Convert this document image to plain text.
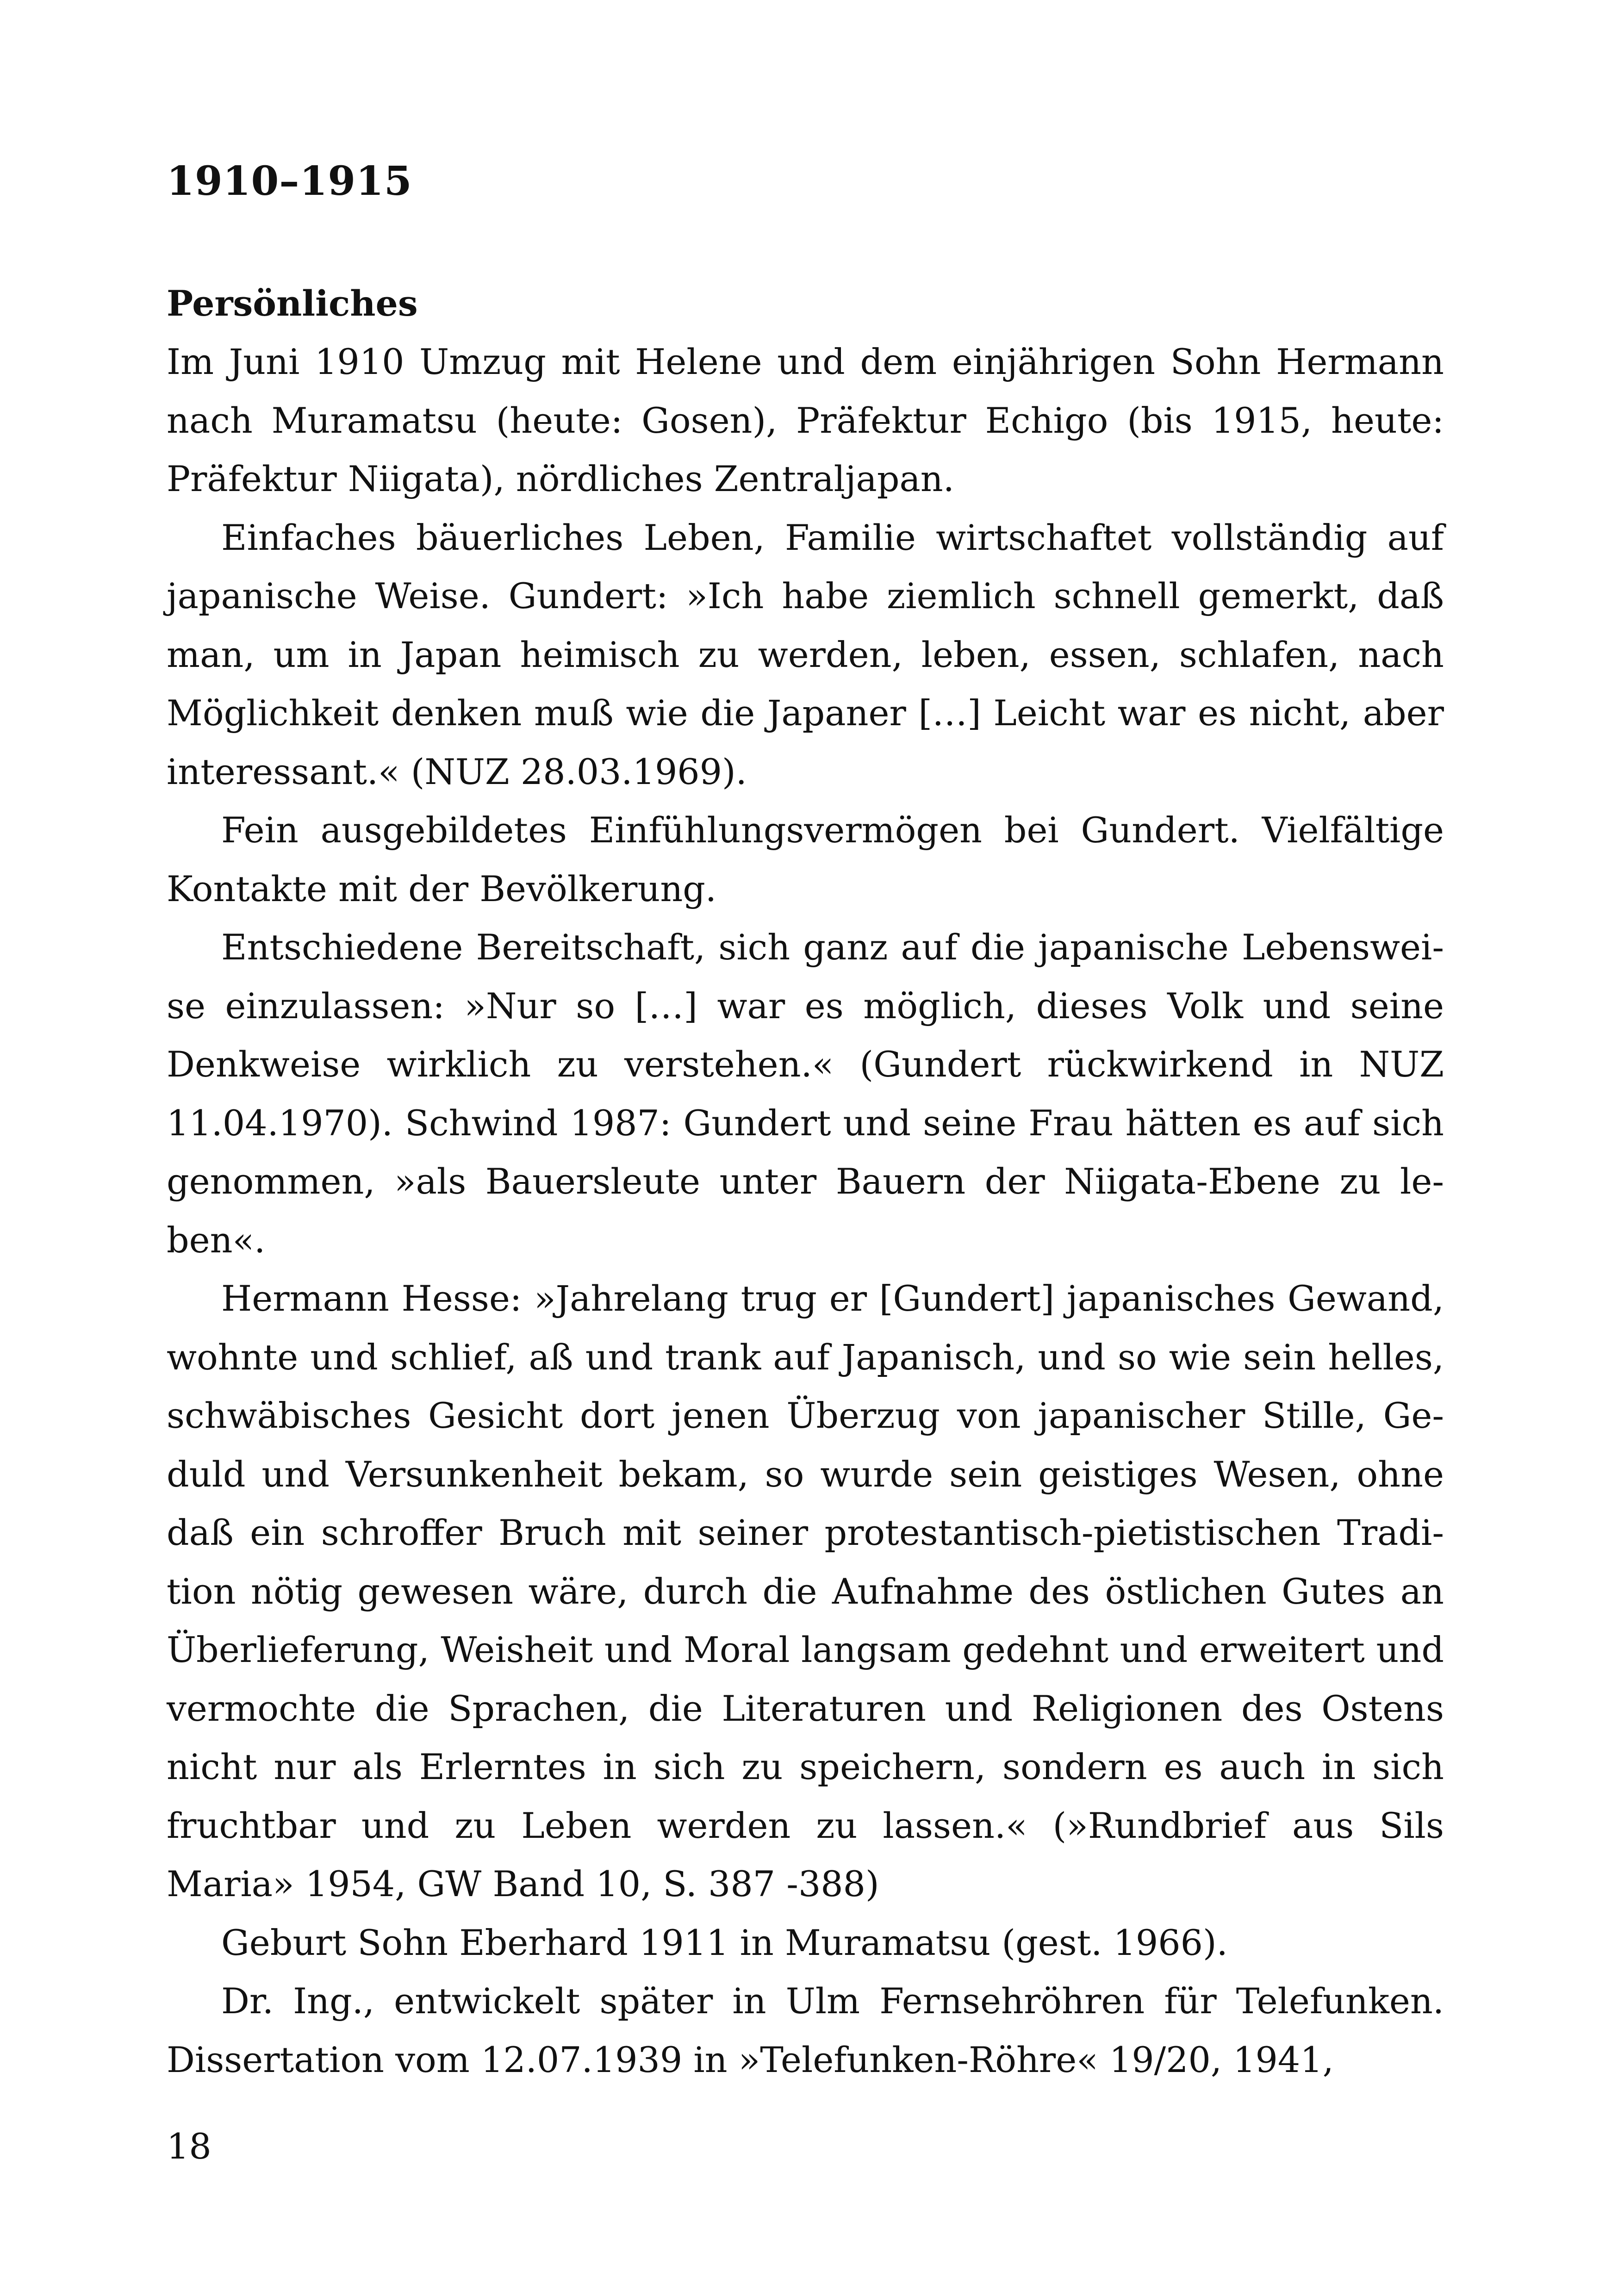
1910–1915
Persönliches

Im Juni 1910 Umzug mit Helene und dem einjährigen Sohn Hermann nach Muramatsu (heute: Gosen), Präfektur Echigo (bis 1915, heute: Präfektur Niigata), nördliches Zentraljapan.

Einfaches bäuerliches Leben, Familie wirtschaftet vollständig auf japanische Weise. Gundert: »Ich habe ziemlich schnell gemerkt, daß man, um in Japan heimisch zu werden, leben, essen, schlafen, nach Möglichkeit denken muß wie die Japaner […] Leicht war es nicht, aber interessant.« (NUZ 28.03.1969).

Fein ausgebildetes Einfühlungsvermögen bei Gundert. Vielfältige Kontakte mit der Bevölkerung.

Entschiedene Bereitschaft, sich ganz auf die japanische Lebensweise einzulassen: »Nur so […] war es möglich, dieses Volk und seine Denkweise wirklich zu verstehen.« (Gundert rückwirkend in NUZ 11.04.1970). Schwind 1987: Gundert und seine Frau hätten es auf sich genommen, »als Bauersleute unter Bauern der Niigata-Ebene zu leben«.

Hermann Hesse: »Jahrelang trug er [Gundert] japanisches Gewand, wohnte und schlief, aß und trank auf Japanisch, und so wie sein helles, schwäbisches Gesicht dort jenen Überzug von japanischer Stille, Geduld und Versunkenheit bekam, so wurde sein geistiges Wesen, ohne daß ein schroffer Bruch mit seiner protestantisch-pietistischen Tradition nötig gewesen wäre, durch die Aufnahme des östlichen Gutes an Überlieferung, Weisheit und Moral langsam gedehnt und erweitert und vermochte die Sprachen, die Literaturen und Religionen des Ostens nicht nur als Erlerntes in sich zu speichern, sondern es auch in sich fruchtbar und zu Leben werden zu lassen.« (»Rundbrief aus Sils Maria» 1954, GW Band 10, S. 387 -388)

Geburt Sohn Eberhard 1911 in Muramatsu (gest. 1966).

Dr. Ing., entwickelt später in Ulm Fernsehröhren für Telefunken. Dissertation vom 12.07.1939 in »Telefunken-Röhre« 19/20, 1941,

18
